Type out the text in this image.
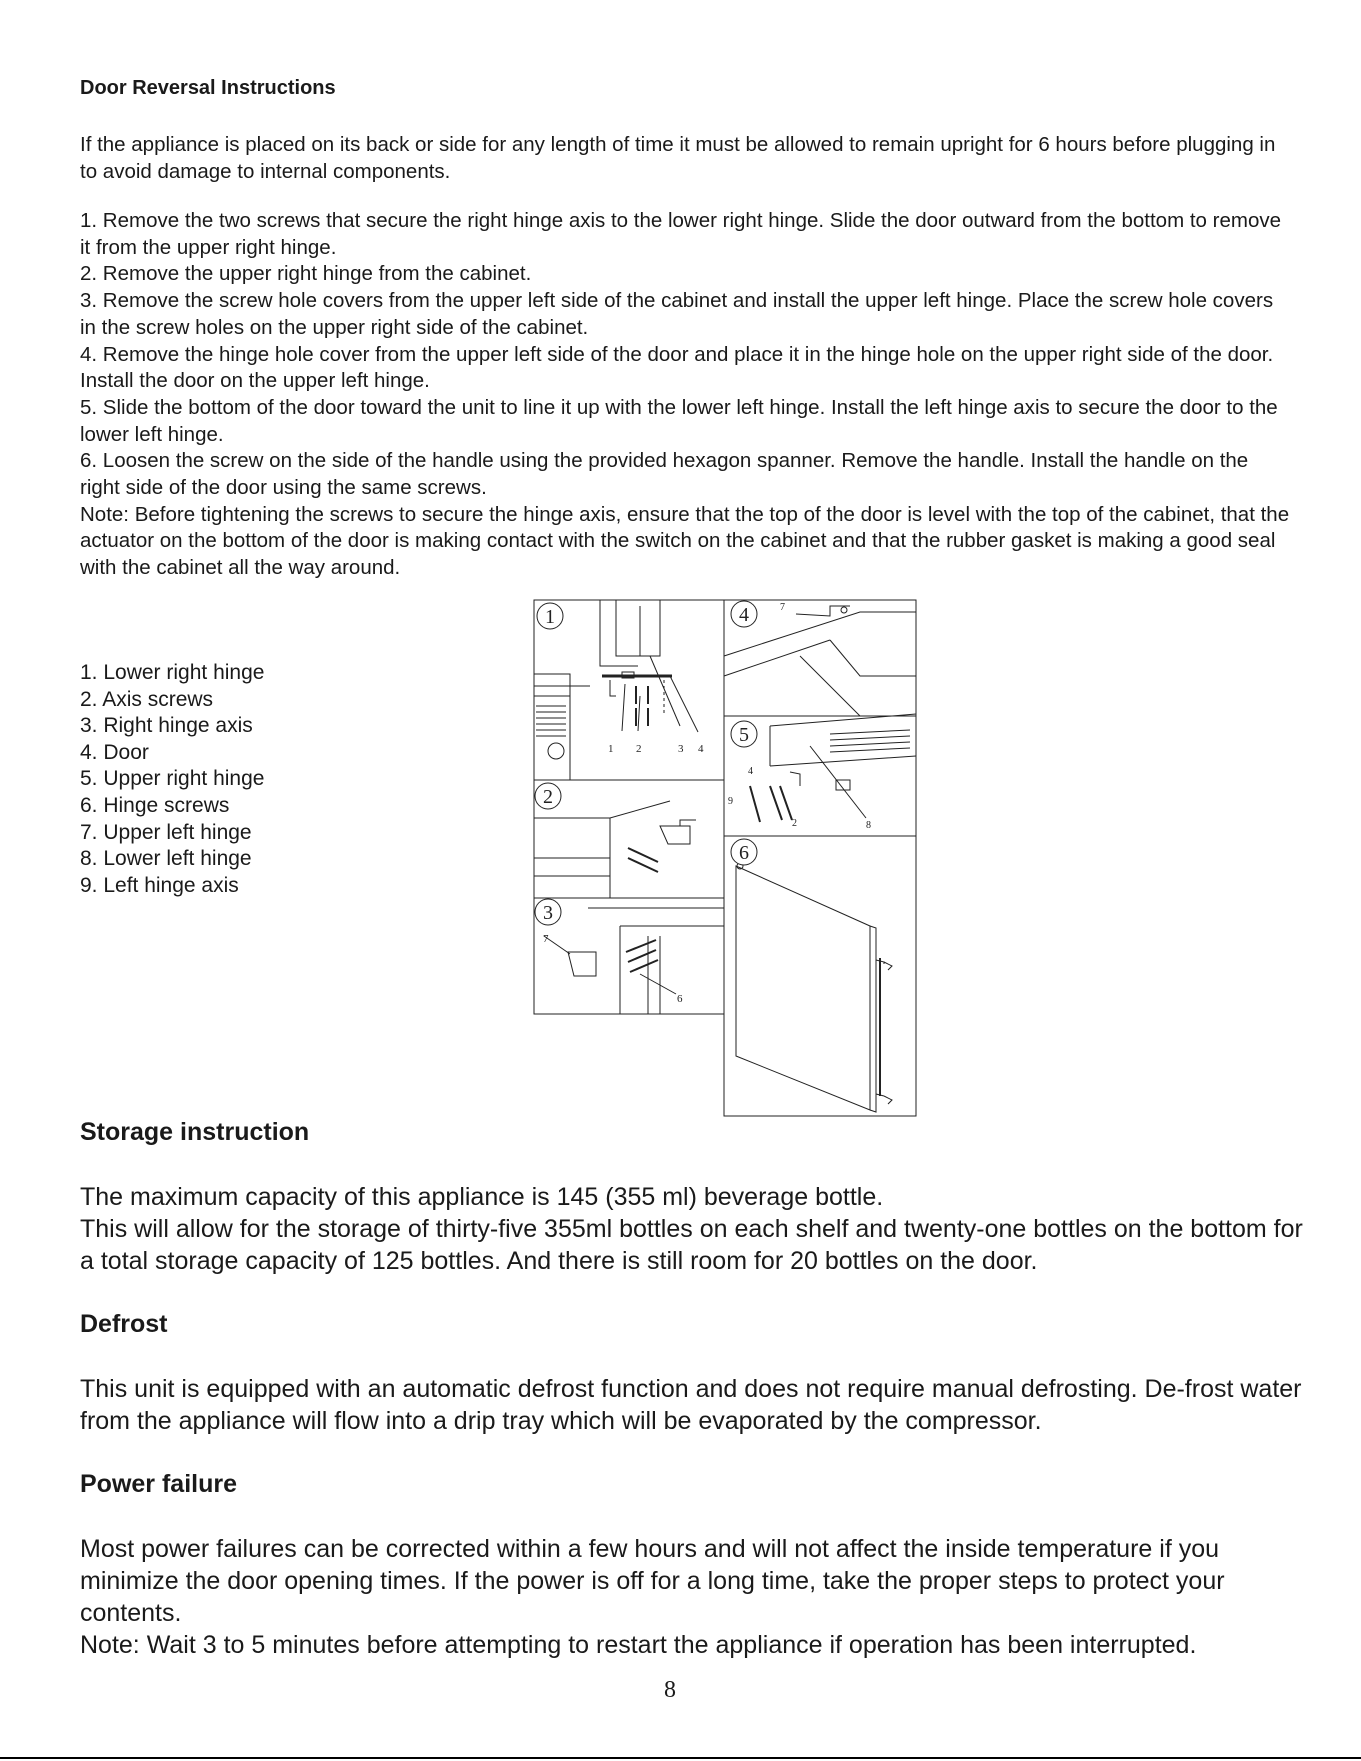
Door Reversal Instructions

If the appliance is placed on its back or side for any length of time it must be allowed to remain upright for 6 hours before plugging in to avoid damage to internal components.

1. Remove the two screws that secure the right hinge axis to the lower right hinge. Slide the door outward from the bottom to remove it from the upper right hinge.

2. Remove the upper right hinge from the cabinet.

3. Remove the screw hole covers from the upper left side of the cabinet and install the upper left hinge. Place the screw hole covers in the screw holes on the upper right side of the cabinet.

4. Remove the hinge hole cover from the upper left side of the door and place it in the hinge hole on the upper right side of the door. Install the door on the upper left hinge.

5. Slide the bottom of the door toward the unit to line it up with the lower left hinge. Install the left hinge axis to secure the door to the lower left hinge.

6. Loosen the screw on the side of the handle using the provided hexagon spanner. Remove the handle. Install the handle on the right side of the door using the same screws.

Note: Before tightening the screws to secure the hinge axis, ensure that the top of the door is level with the top of the cabinet, that the actuator on the bottom of the door is making contact with the switch on the cabinet and that the rubber gasket is making a good seal with the cabinet all the way around.

1. Lower right hinge
2. Axis screws
3. Right hinge axis
4. Door
5. Upper right hinge
6. Hinge screws
7. Upper left hinge
8. Lower left hinge
9. Left hinge axis
1
1 2	3 4
2
3
7
6
4	7
5
4
9
2	8
6
Storage instruction

The maximum capacity of this appliance is 145 (355 ml) beverage bottle.

This will allow for the storage of thirty-five 355ml bottles on each shelf and twenty-one bottles on the bottom for a total storage capacity of 125 bottles. And there is still room for 20 bottles on the door.

Defrost

This unit is equipped with an automatic defrost function and does not require manual defrosting. De-frost water from the appliance will flow into a drip tray which will be evaporated by the compressor.

Power failure

Most power failures can be corrected within a few hours and will not affect the inside temperature if you minimize the door opening times. If the power is off for a long time, take the proper steps to protect your contents.

Note: Wait 3 to 5 minutes before attempting to restart the appliance if operation has been interrupted.

8
